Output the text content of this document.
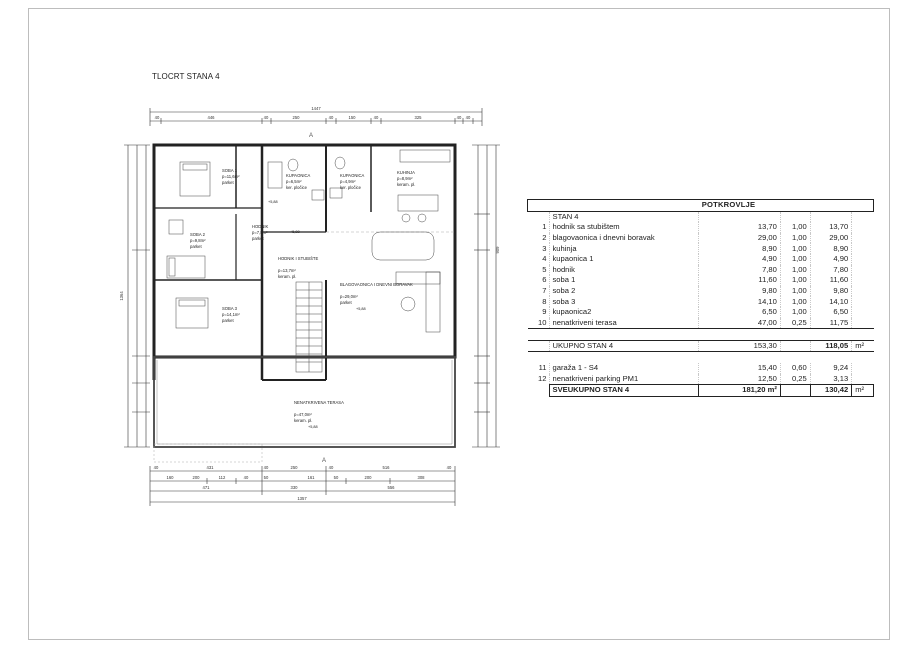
TLOCRT STANA 4
1447
40	446	40	250	40	150	40	325	40 40
40	431	40	250	40	516	40
160	200	112	40	50	161	50	200	308
471	330	556
1357
1364
909
A
A
SOBA 1
p=11,6m²
parket
KUPAONICA
p=6,5m²
ker. pločice
KUPAONICA
p=4,9m²
ker. pločice
KUHINJA
p=8,9m²
keram. pl.
HODNIK
p=7,8m²
parket
SOBA 2
p=9,8m²
parket
HODNIK I STUBIŠTE
p=13,7m²
keram. pl.
BLAGOVAONICA I DNEVNI BORAVAK
p=29,0m²
parket
SOBA 3
p=14,1m²
parket
NENATKRIVENA TERASA
p=47,0m²
keram. pl.
+5,88
+5,88
+5,88
+5,88
		POTKROVLJE			
	STAN 4				
1	hodnik sa stubištem	13,70	1,00	13,70	
2	blagovaonica i dnevni boravak	29,00	1,00	29,00	
3	kuhinja	8,90	1,00	8,90	
4	kupaonica 1	4,90	1,00	4,90	
5	hodnik	7,80	1,00	7,80	
6	soba 1	11,60	1,00	11,60	
7	soba 2	9,80	1,00	9,80	
8	soba 3	14,10	1,00	14,10	
9	kupaonica2	6,50	1,00	6,50	
10	nenatkriveni terasa	47,00	0,25	11,75	

	UKUPNO STAN 4	153,30		118,05	m²

11	garaža 1 - S4	15,40	0,60	9,24	
12	nenatkriveni parking PM1	12,50	0,25	3,13	
	SVEUKUPNO STAN 4	181,20 m²		130,42	m²
